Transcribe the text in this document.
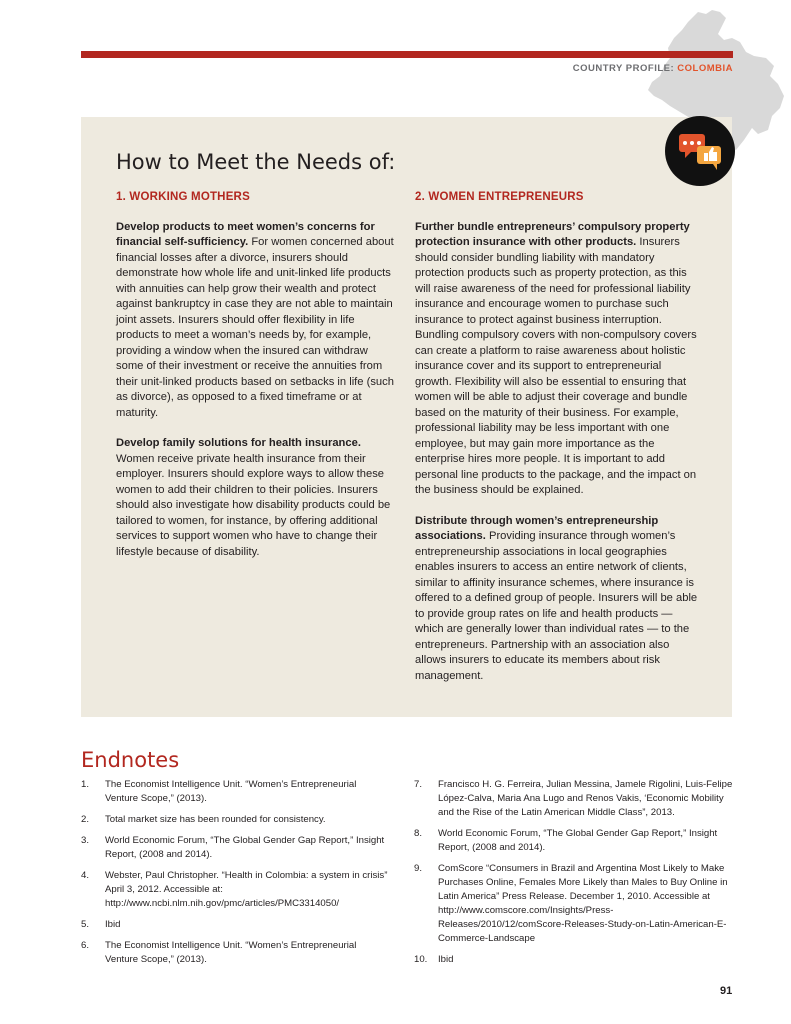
COUNTRY PROFILE: COLOMBIA
How to Meet the Needs of:
1. WORKING MOTHERS

Develop products to meet women’s concerns for financial self-sufficiency. For women concerned about financial losses after a divorce, insurers should demonstrate how whole life and unit-linked life products with annuities can help grow their wealth and protect against bankruptcy in case they are not able to maintain joint assets. Insurers should offer flexibility in life products to meet a woman’s needs by, for example, providing a window when the insured can withdraw some of their investment or receive the annuities from their unit-linked products based on setbacks in life (such as divorce), as opposed to a fixed timeframe or at maturity.

Develop family solutions for health insurance. Women receive private health insurance from their employer. Insurers should explore ways to allow these women to add their children to their policies. Insurers should also investigate how disability products could be tailored to women, for instance, by offering additional services to support women who have to change their lifestyle because of disability.

2. WOMEN ENTREPRENEURS

Further bundle entrepreneurs’ compulsory property protection insurance with other products. Insurers should consider bundling liability with mandatory protection products such as property protection, as this will raise awareness of the need for professional liability insurance and encourage women to purchase such insurance to protect against business interruption. Bundling compulsory covers with non-compulsory covers can create a platform to raise awareness about holistic insurance cover and its support to entrepreneurial growth. Flexibility will also be essential to ensuring that women will be able to adjust their coverage and bundle based on the maturity of their business. For example, professional liability may be less important with one employee, but may gain more importance as the enterprise hires more people. It is important to add personal line products to the package, and the impact on the business should be explained.

Distribute through women’s entrepreneurship associations. Providing insurance through women’s entrepreneurship associations in local geographies enables insurers to access an entire network of clients, similar to affinity insurance schemes, where insurance is offered to a defined group of people. Insurers will be able to provide group rates on life and health products — which are generally lower than individual rates — to the entrepreneurs. Partnership with an association also allows insurers to educate its members about risk management.

Endnotes
1.	The Economist Intelligence Unit. “Women’s Entrepreneurial Venture Scope,” (2013).
2.	Total market size has been rounded for consistency.
3.	World Economic Forum, “The Global Gender Gap Report,” Insight Report, (2008 and 2014).
4.	Webster, Paul Christopher. “Health in Colombia: a system in crisis” April 3, 2012. Accessible at: http://www.ncbi.nlm.nih.gov/pmc/articles/PMC3314050/
5.	Ibid
6.	The Economist Intelligence Unit. “Women’s Entrepreneurial Venture Scope,” (2013).
7.	Francisco H. G. Ferreira, Julian Messina, Jamele Rigolini, Luis-Felipe López-Calva, Maria Ana Lugo and Renos Vakis, ‘Economic Mobility and the Rise of the Latin American Middle Class”, 2013.
8.	World Economic Forum, “The Global Gender Gap Report,” Insight Report, (2008 and 2014).
9.	ComScore “Consumers in Brazil and Argentina Most Likely to Make Purchases Online, Females More Likely than Males to Buy Online in Latin America” Press Release. December 1, 2010. Accessible at http://www.comscore.com/Insights/Press-Releases/2010/12/comScore-Releases-Study-on-Latin-American-E-Commerce-Landscape
10.	Ibid
91
